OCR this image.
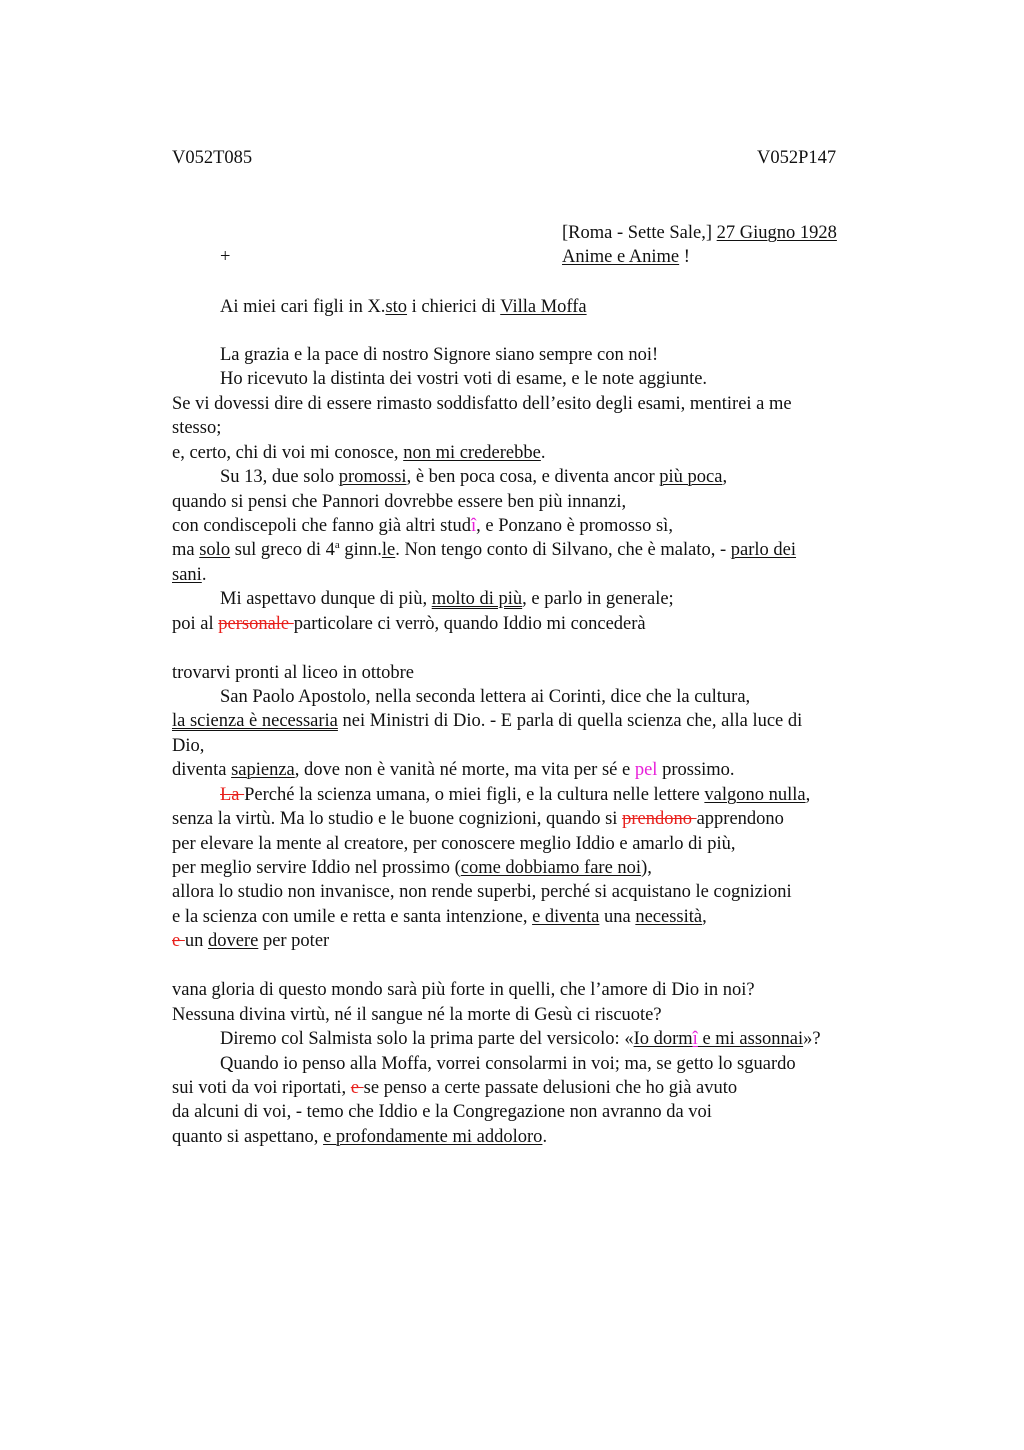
V052T085	V052P147
[Roma - Sette Sale,] 27 Giugno 1928
+	Anime e Anime !
Ai miei cari figli in X.sto i chierici di Villa Moffa
La grazia e la pace di nostro Signore siano sempre con noi!
Ho ricevuto la distinta dei vostri voti di esame, e le note aggiunte.
Se vi dovessi dire di essere rimasto soddisfatto dell’esito degli esami, mentirei a me
stesso;
e, certo, chi di voi mi conosce, non mi crederebbe.
Su 13, due solo promossi, è ben poca cosa, e diventa ancor più poca,
quando si pensi che Pannori dovrebbe essere ben più innanzi,
con condiscepoli che fanno già altri studî, e Ponzano è promosso sì,
ma solo sul greco di 4$^a$ ginn.le. Non tengo conto di Silvano, che è malato, - parlo dei
sani.
Mi aspettavo dunque di più, molto di più, e parlo in generale;
poi al personale particolare ci verrò, quando Iddio mi concederà
trovarvi pronti al liceo in ottobre
San Paolo Apostolo, nella seconda lettera ai Corinti, dice che la cultura,
la scienza è necessaria nei Ministri di Dio. - E parla di quella scienza che, alla luce di
Dio,
diventa sapienza, dove non è vanità né morte, ma vita per sé e pel prossimo.
La Perché la scienza umana, o miei figli, e la cultura nelle lettere valgono nulla,
senza la virtù. Ma lo studio e le buone cognizioni, quando si prendono apprendono
per elevare la mente al creatore, per conoscere meglio Iddio e amarlo di più,
per meglio servire Iddio nel prossimo (come dobbiamo fare noi),
allora lo studio non invanisce, non rende superbi, perché si acquistano le cognizioni
e la scienza con umile e retta e santa intenzione, e diventa una necessità,
e un dovere per poter
vana gloria di questo mondo sarà più forte in quelli, che l’amore di Dio in noi?
Nessuna divina virtù, né il sangue né la morte di Gesù ci riscuote?
Diremo col Salmista solo la prima parte del versicolo: «Io dormî e mi assonnai»?
Quando io penso alla Moffa, vorrei consolarmi in voi; ma, se getto lo sguardo
sui voti da voi riportati, e se penso a certe passate delusioni che ho già avuto
da alcuni di voi, - temo che Iddio e la Congregazione non avranno da voi
quanto si aspettano, e profondamente mi addoloro.
